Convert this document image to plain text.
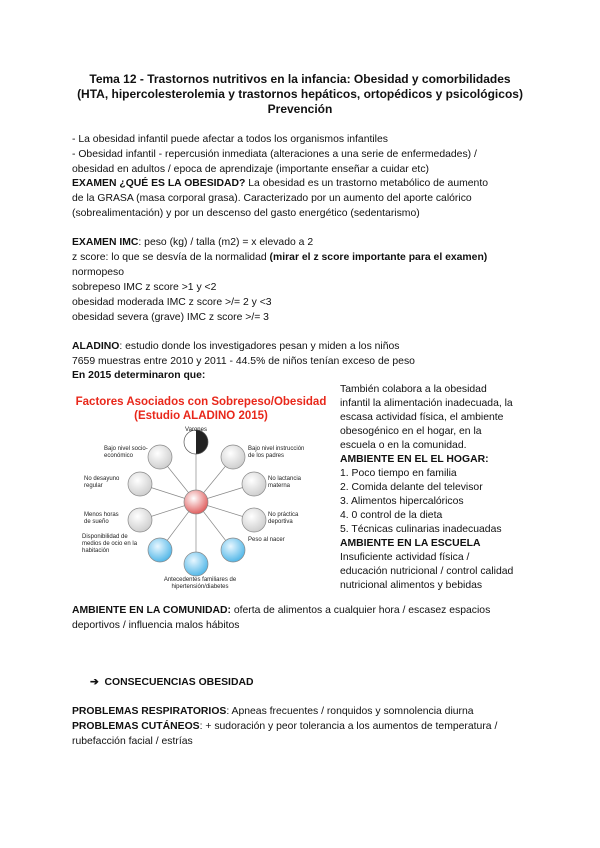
Tema 12 - Trastornos nutritivos en la infancia: Obesidad y comorbilidades
(HTA, hipercolesterolemia y trastornos hepáticos, ortopédicos y psicológicos)
Prevención
- La obesidad infantil puede afectar a todos los organismos infantiles
- Obesidad infantil - repercusión inmediata (alteraciones a una serie de enfermedades) /
obesidad en adultos / epoca de aprendizaje (importante enseñar a cuidar etc)
EXAMEN ¿QUÉ ES LA OBESIDAD? La obesidad es un trastorno metabólico de aumento
de la GRASA (masa corporal grasa). Caracterizado por un aumento del aporte calórico
(sobrealimentación) y por un descenso del gasto energético (sedentarismo)
EXAMEN IMC: peso (kg) / talla (m2) = x elevado a 2
z score: lo que se desvía de la normalidad (mirar el z score importante para el examen)
normopeso
sobrepeso IMC z score >1 y <2
obesidad moderada IMC z score >/= 2 y <3
obesidad severa (grave) IMC z score >/= 3
ALADINO: estudio donde los investigadores pesan y miden a los niños
7659 muestras entre 2010 y 2011 - 44.5% de niños tenían exceso de peso
En 2015 determinaron que:
Factores Asociados con Sobrepeso/Obesidad
(Estudio ALADINO 2015)
Varones
Bajo nivel socio-económico
Bajo nivel instrucción de los padres
No desayuno regular
No lactancia materna
Menos horas de sueño
No práctica deportiva
Disponibilidad de medios de ocio en la habitación
Peso al nacer
Antecedentes familiares de hipertensión/diabetes
También colabora a la obesidad
infantil la alimentación inadecuada, la
escasa actividad física, el ambiente
obesogénico en el hogar, en la
escuela o en la comunidad.
AMBIENTE EN EL EL HOGAR:
1. Poco tiempo en familia
2. Comida delante del televisor
3. Alimentos hipercalóricos
4. 0 control de la dieta
5. Técnicas culinarias inadecuadas
AMBIENTE EN LA ESCUELA
Insuficiente actividad física /
educación nutricional / control calidad
nutricional alimentos y bebidas
AMBIENTE EN LA COMUNIDAD: oferta de alimentos a cualquier hora / escasez espacios
deportivos / influencia malos hábitos
➔ CONSECUENCIAS OBESIDAD
PROBLEMAS RESPIRATORIOS: Apneas frecuentes / ronquidos y somnolencia diurna
PROBLEMAS CUTÁNEOS: + sudoración y peor tolerancia a los aumentos de temperatura /
rubefacción facial / estrías
